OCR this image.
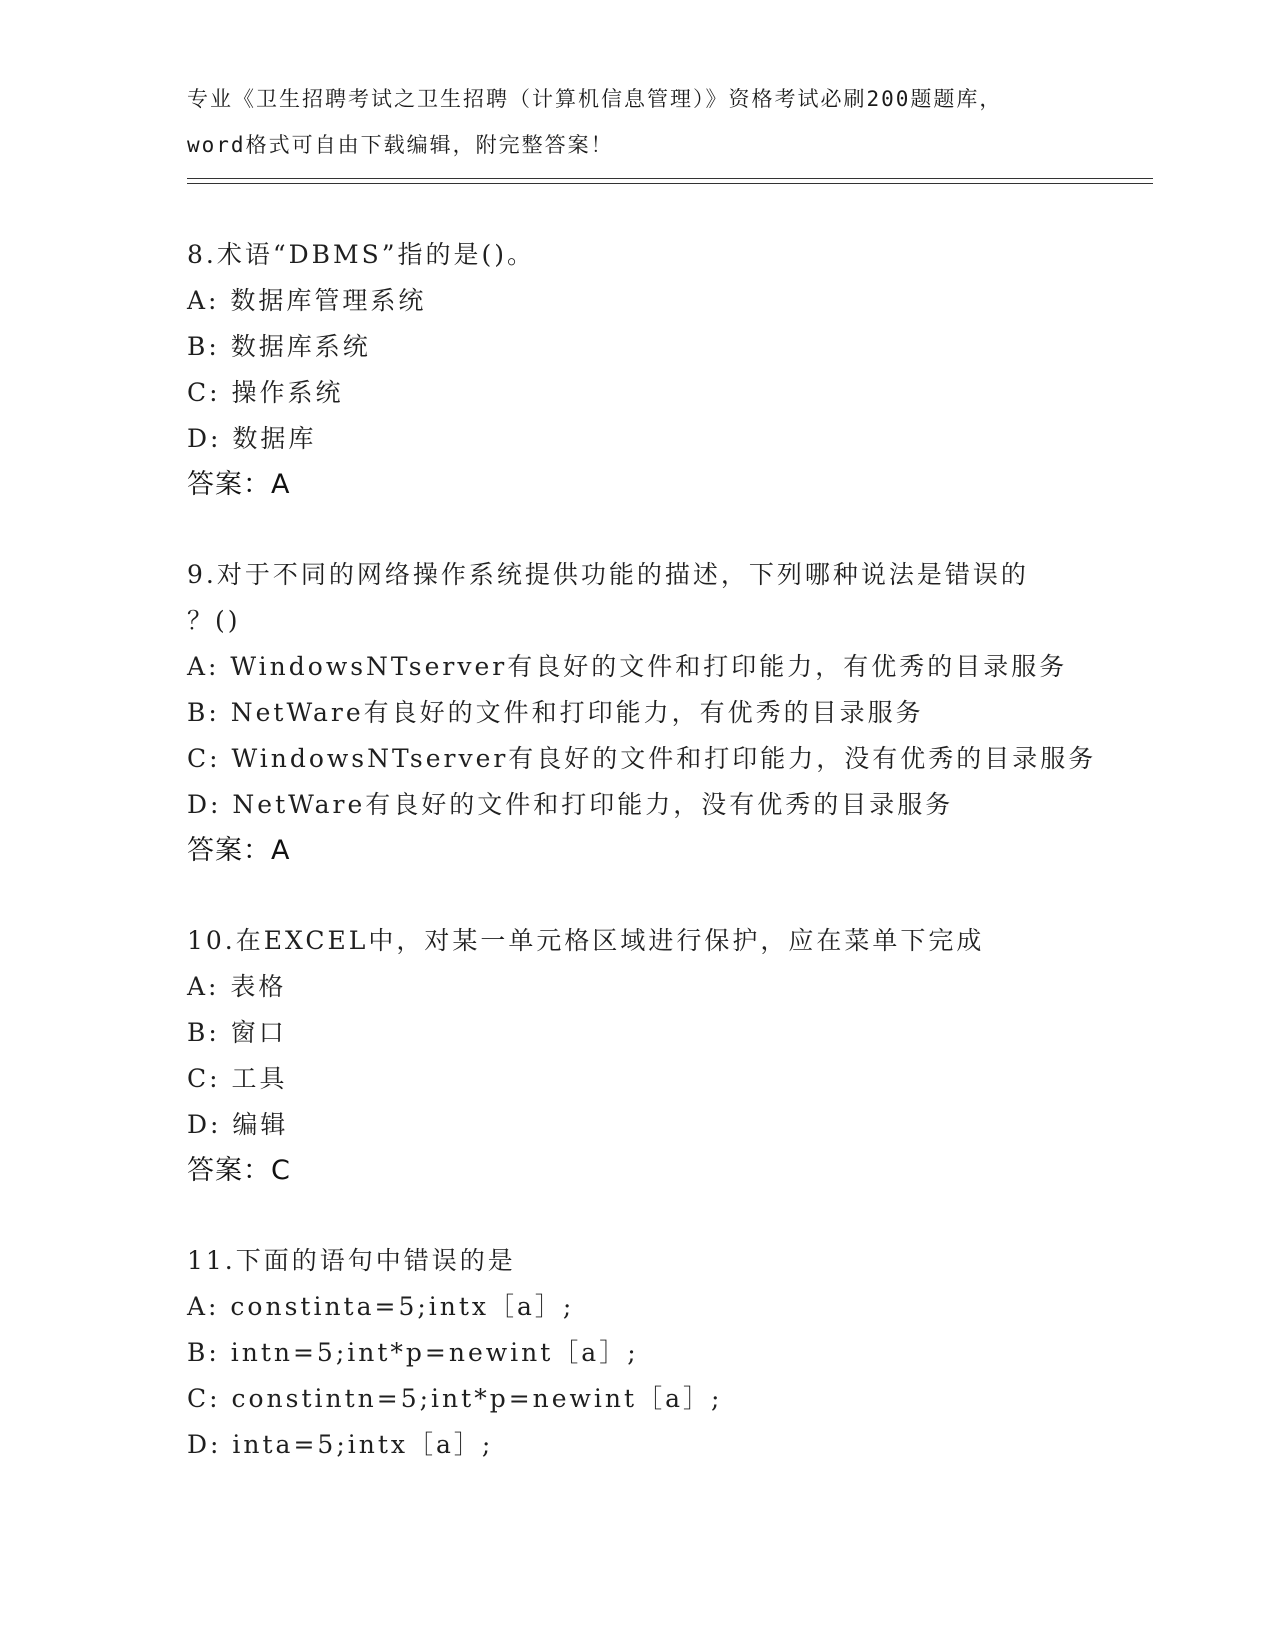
专业《卫生招聘考试之卫生招聘（计算机信息管理）》资格考试必刷200题题库，
word格式可自由下载编辑，附完整答案！
8.术语“DBMS”指的是()。
A: 数据库管理系统
B: 数据库系统
C: 操作系统
D: 数据库
答案：A
9.对于不同的网络操作系统提供功能的描述，下列哪种说法是错误的
？()
A: WindowsNTserver有良好的文件和打印能力，有优秀的目录服务
B: NetWare有良好的文件和打印能力，有优秀的目录服务
C: WindowsNTserver有良好的文件和打印能力，没有优秀的目录服务
D: NetWare有良好的文件和打印能力，没有优秀的目录服务
答案：A
10.在EXCEL中，对某一单元格区域进行保护，应在菜单下完成
A: 表格
B: 窗口
C: 工具
D: 编辑
答案：C
11.下面的语句中错误的是
A: constinta=5;intx［a］;
B: intn=5;int*p=newint［a］;
C: constintn=5;int*p=newint［a］;
D: inta=5;intx［a］;
